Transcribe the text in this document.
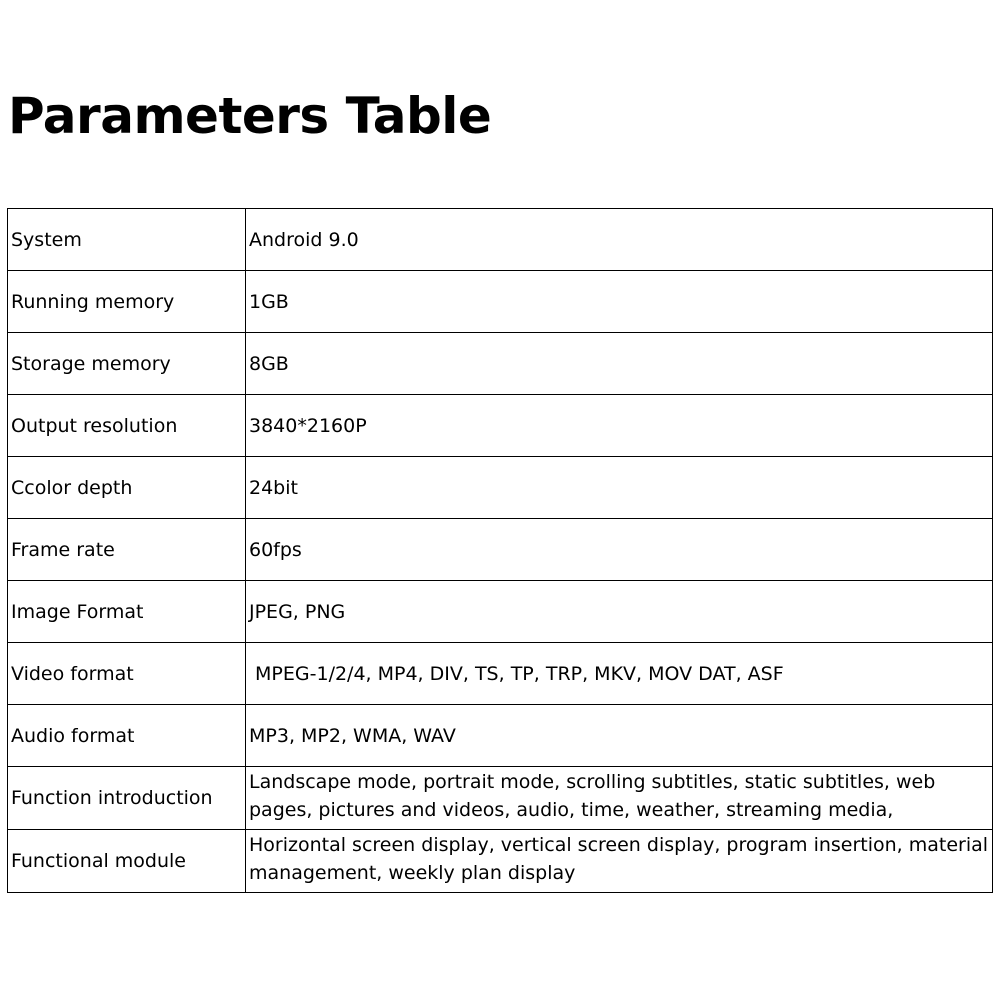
Parameters Table
System	Android 9.0
Running memory	1GB
Storage memory	8GB
Output resolution	3840*2160P
Ccolor depth	24bit
Frame rate	60fps
Image Format	JPEG, PNG
Video format	MPEG-1/2/4, MP4, DIV, TS, TP, TRP, MKV, MOV DAT, ASF
Audio format	MP3, MP2, WMA, WAV
Function introduction	Landscape mode, portrait mode, scrolling subtitles, static subtitles, web pages, pictures and videos, audio, time, weather, streaming media,
Functional module	Horizontal screen display, vertical screen display, program insertion, material management, weekly plan display
